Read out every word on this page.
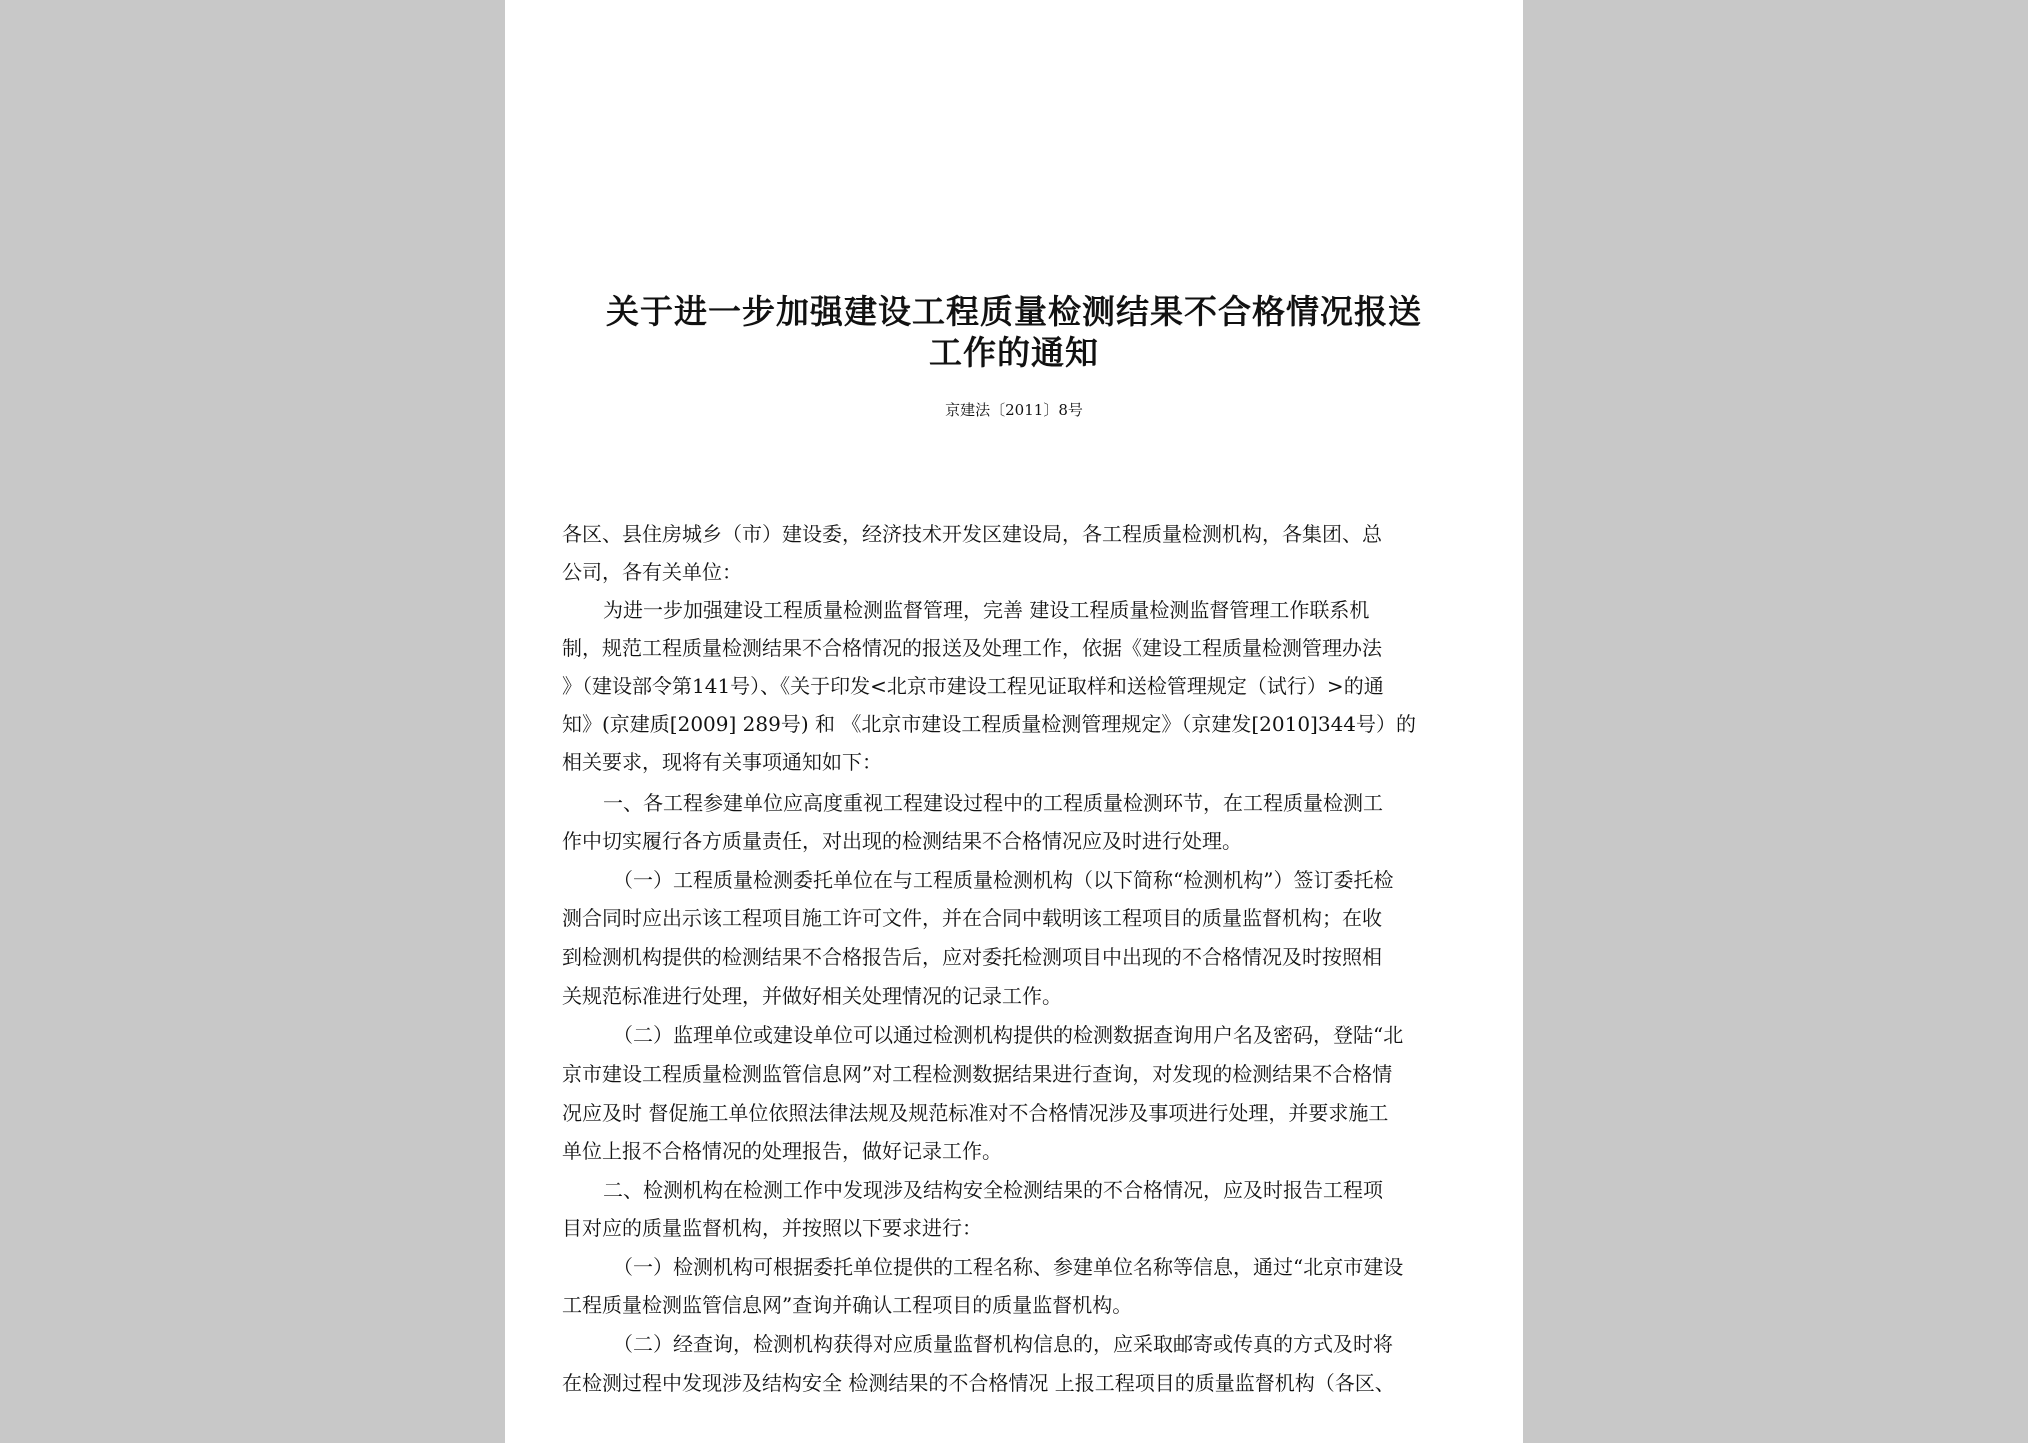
关于进一步加强建设工程质量检测结果不合格情况报送
工作的通知
京建法〔2011〕8号
各区、县住房城乡（市）建设委，经济技术开发区建设局，各工程质量检测机构，各集团、总
公司，各有关单位：
为进一步加强建设工程质量检测监督管理，完善 建设工程质量检测监督管理工作联系机
制，规范工程质量检测结果不合格情况的报送及处理工作，依据《建设工程质量检测管理办法
》（建设部令第141号）、《关于印发<北京市建设工程见证取样和送检管理规定（试行）>的通
知》(京建质[2009] 289号) 和 《北京市建设工程质量检测管理规定》（京建发[2010]344号）的
相关要求，现将有关事项通知如下：
一、各工程参建单位应高度重视工程建设过程中的工程质量检测环节，在工程质量检测工
作中切实履行各方质量责任，对出现的检测结果不合格情况应及时进行处理。
（一）工程质量检测委托单位在与工程质量检测机构（以下简称“检测机构”）签订委托检
测合同时应出示该工程项目施工许可文件，并在合同中载明该工程项目的质量监督机构；在收
到检测机构提供的检测结果不合格报告后，应对委托检测项目中出现的不合格情况及时按照相
关规范标准进行处理，并做好相关处理情况的记录工作。
（二）监理单位或建设单位可以通过检测机构提供的检测数据查询用户名及密码，登陆“北
京市建设工程质量检测监管信息网”对工程检测数据结果进行查询，对发现的检测结果不合格情
况应及时 督促施工单位依照法律法规及规范标准对不合格情况涉及事项进行处理，并要求施工
单位上报不合格情况的处理报告，做好记录工作。
二、检测机构在检测工作中发现涉及结构安全检测结果的不合格情况，应及时报告工程项
目对应的质量监督机构，并按照以下要求进行：
（一）检测机构可根据委托单位提供的工程名称、参建单位名称等信息，通过“北京市建设
工程质量检测监管信息网”查询并确认工程项目的质量监督机构。
（二）经查询，检测机构获得对应质量监督机构信息的，应采取邮寄或传真的方式及时将
在检测过程中发现涉及结构安全 检测结果的不合格情况 上报工程项目的质量监督机构（各区、
